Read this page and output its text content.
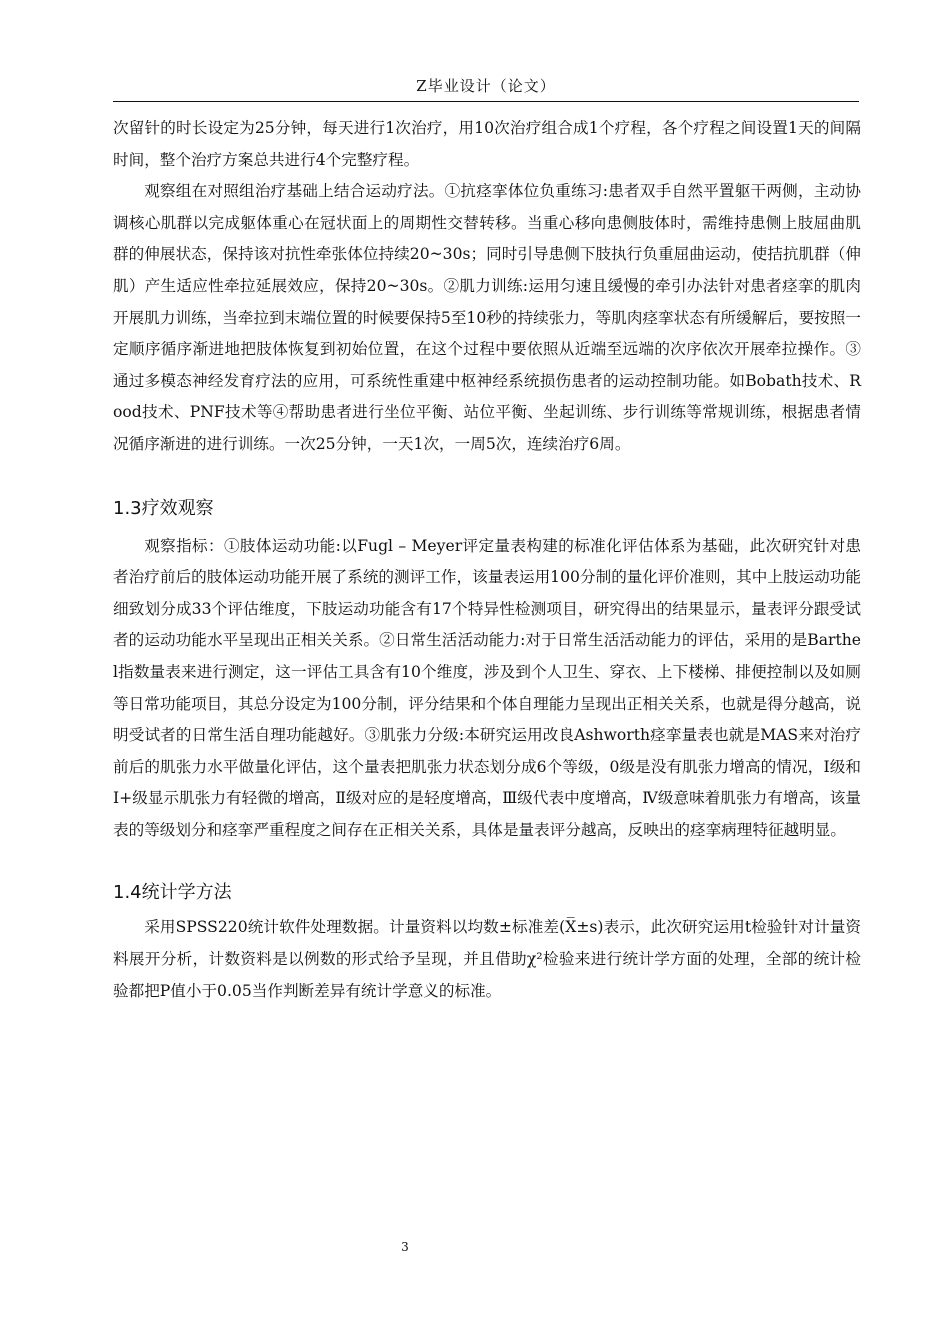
Z毕业设计（论文）

次留针的时长设定为25分钟，每天进行1次治疗，用10次治疗组合成1个疗程，各个疗程之间设置1天的间隔时间，整个治疗方案总共进行4个完整疗程。

观察组在对照组治疗基础上结合运动疗法。①抗痉挛体位负重练习:患者双手自然平置躯干两侧，主动协调核心肌群以完成躯体重心在冠状面上的周期性交替转移。当重心移向患侧肢体时，需维持患侧上肢屈曲肌群的伸展状态，保持该对抗性牵张体位持续20~30s；同时引导患侧下肢执行负重屈曲运动，使拮抗肌群（伸肌）产生适应性牵拉延展效应，保持20~30s。②肌力训练:运用匀速且缓慢的牵引办法针对患者痉挛的肌肉开展肌力训练，当牵拉到末端位置的时候要保持5至10秒的持续张力，等肌肉痉挛状态有所缓解后，要按照一定顺序循序渐进地把肢体恢复到初始位置，在这个过程中要依照从近端至远端的次序依次开展牵拉操作。③通过多模态神经发育疗法的应用，可系统性重建中枢神经系统损伤患者的运动控制功能。如Bobath技术、Rood技术、PNF技术等④帮助患者进行坐位平衡、站位平衡、坐起训练、步行训练等常规训练，根据患者情况循序渐进的进行训练。一次25分钟，一天1次，一周5次，连续治疗6周。

1.3疗效观察

观察指标：①肢体运动功能:以Fugl – Meyer评定量表构建的标准化评估体系为基础，此次研究针对患者治疗前后的肢体运动功能开展了系统的测评工作，该量表运用100分制的量化评价准则，其中上肢运动功能细致划分成33个评估维度，下肢运动功能含有17个特异性检测项目，研究得出的结果显示，量表评分跟受试者的运动功能水平呈现出正相关关系。②日常生活活动能力:对于日常生活活动能力的评估，采用的是Barthel指数量表来进行测定，这一评估工具含有10个维度，涉及到个人卫生、穿衣、上下楼梯、排便控制以及如厕等日常功能项目，其总分设定为100分制，评分结果和个体自理能力呈现出正相关关系，也就是得分越高，说明受试者的日常生活自理功能越好。③肌张力分级:本研究运用改良Ashworth痉挛量表也就是MAS来对治疗前后的肌张力水平做量化评估，这个量表把肌张力状态划分成6个等级，0级是没有肌张力增高的情况，I级和I+级显示肌张力有轻微的增高，Ⅱ级对应的是轻度增高，Ⅲ级代表中度增高，Ⅳ级意味着肌张力有增高，该量表的等级划分和痉挛严重程度之间存在正相关关系，具体是量表评分越高，反映出的痉挛病理特征越明显。

1.4统计学方法

采用SPSS220统计软件处理数据。计量资料以均数±标准差(X̅±s)表示，此次研究运用t检验针对计量资料展开分析，计数资料是以例数的形式给予呈现，并且借助χ²检验来进行统计学方面的处理，全部的统计检验都把P值小于0.05当作判断差异有统计学意义的标准。

3
